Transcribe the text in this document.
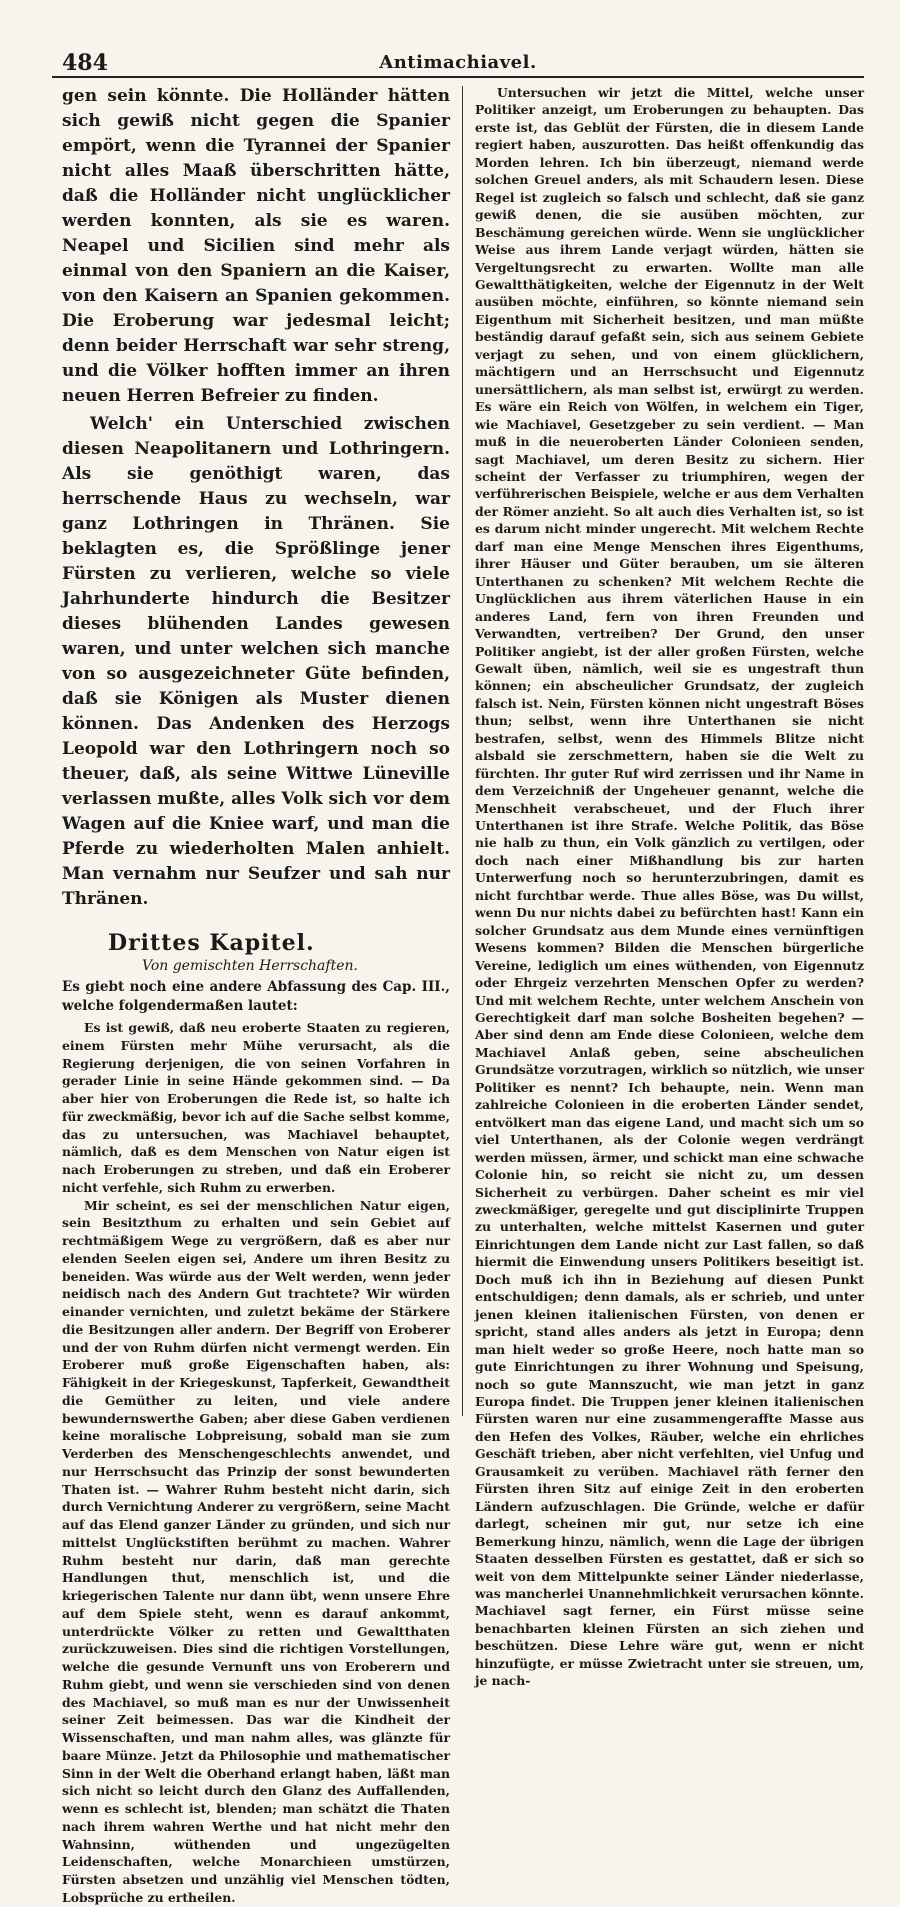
484	Antimachiavel.

gen sein könnte. Die Holländer hätten sich gewiß nicht gegen die Spanier empört, wenn die Tyrannei der Spanier nicht alles Maaß überschritten hätte, daß die Holländer nicht unglücklicher werden konnten, als sie es waren. Neapel und Sicilien sind mehr als einmal von den Spaniern an die Kaiser, von den Kaisern an Spanien gekommen. Die Eroberung war jedesmal leicht; denn beider Herrschaft war sehr streng, und die Völker hofften immer an ihren neuen Herren Befreier zu finden.

Welch' ein Unterschied zwischen diesen Neapolitanern und Lothringern. Als sie genöthigt waren, das herrschende Haus zu wechseln, war ganz Lothringen in Thränen. Sie beklagten es, die Sprößlinge jener Fürsten zu verlieren, welche so viele Jahrhunderte hindurch die Besitzer dieses blühenden Landes gewesen waren, und unter welchen sich manche von so ausgezeichneter Güte befinden, daß sie Königen als Muster dienen können. Das Andenken des Herzogs Leopold war den Lothringern noch so theuer, daß, als seine Wittwe Lüneville verlassen mußte, alles Volk sich vor dem Wagen auf die Kniee warf, und man die Pferde zu wiederholten Malen anhielt. Man vernahm nur Seufzer und sah nur Thränen.

Drittes Kapitel.
Von gemischten Herrschaften.
Es giebt noch eine andere Abfassung des Cap. III., welche folgendermaßen lautet:

Es ist gewiß, daß neu eroberte Staaten zu regieren, einem Fürsten mehr Mühe verursacht, als die Regierung derjenigen, die von seinen Vorfahren in gerader Linie in seine Hände gekommen sind. — Da aber hier von Eroberungen die Rede ist, so halte ich für zweckmäßig, bevor ich auf die Sache selbst komme, das zu untersuchen, was Machiavel behauptet, nämlich, daß es dem Menschen von Natur eigen ist nach Eroberungen zu streben, und daß ein Eroberer nicht verfehle, sich Ruhm zu erwerben.

Mir scheint, es sei der menschlichen Natur eigen, sein Besitzthum zu erhalten und sein Gebiet auf rechtmäßigem Wege zu vergrößern, daß es aber nur elenden Seelen eigen sei, Andere um ihren Besitz zu beneiden. Was würde aus der Welt werden, wenn jeder neidisch nach des Andern Gut trachtete? Wir würden einander vernichten, und zuletzt bekäme der Stärkere die Besitzungen aller andern. Der Begriff von Eroberer und der von Ruhm dürfen nicht vermengt werden. Ein Eroberer muß große Eigenschaften haben, als: Fähigkeit in der Kriegeskunst, Tapferkeit, Gewandtheit die Gemüther zu leiten, und viele andere bewundernswerthe Gaben; aber diese Gaben verdienen keine moralische Lobpreisung, sobald man sie zum Verderben des Menschengeschlechts anwendet, und nur Herrschsucht das Prinzip der sonst bewunderten Thaten ist. — Wahrer Ruhm besteht nicht darin, sich durch Vernichtung Anderer zu vergrößern, seine Macht auf das Elend ganzer Länder zu gründen, und sich nur mittelst Unglückstiften berühmt zu machen. Wahrer Ruhm besteht nur darin, daß man gerechte Handlungen thut, menschlich ist, und die kriegerischen Talente nur dann übt, wenn unsere Ehre auf dem Spiele steht, wenn es darauf ankommt, unterdrückte Völker zu retten und Gewaltthaten zurückzuweisen. Dies sind die richtigen Vorstellungen, welche die gesunde Vernunft uns von Eroberern und Ruhm giebt, und wenn sie verschieden sind von denen des Machiavel, so muß man es nur der Unwissenheit seiner Zeit beimessen. Das war die Kindheit der Wissenschaften, und man nahm alles, was glänzte für baare Münze. Jetzt da Philosophie und mathematischer Sinn in der Welt die Oberhand erlangt haben, läßt man sich nicht so leicht durch den Glanz des Auffallenden, wenn es schlecht ist, blenden; man schätzt die Thaten nach ihrem wahren Werthe und hat nicht mehr den Wahnsinn, wüthenden und ungezügelten Leidenschaften, welche Monarchieen umstürzen, Fürsten absetzen und unzählig viel Menschen tödten, Lobsprüche zu ertheilen.

Untersuchen wir jetzt die Mittel, welche unser Politiker anzeigt, um Eroberungen zu behaupten. Das erste ist, das Geblüt der Fürsten, die in diesem Lande regiert haben, auszurotten. Das heißt offenkundig das Morden lehren. Ich bin überzeugt, niemand werde solchen Greuel anders, als mit Schaudern lesen. Diese Regel ist zugleich so falsch und schlecht, daß sie ganz gewiß denen, die sie ausüben möchten, zur Beschämung gereichen würde. Wenn sie unglücklicher Weise aus ihrem Lande verjagt würden, hätten sie Vergeltungsrecht zu erwarten. Wollte man alle Gewaltthätigkeiten, welche der Eigennutz in der Welt ausüben möchte, einführen, so könnte niemand sein Eigenthum mit Sicherheit besitzen, und man müßte beständig darauf gefaßt sein, sich aus seinem Gebiete verjagt zu sehen, und von einem glücklichern, mächtigern und an Herrschsucht und Eigennutz unersättlichern, als man selbst ist, erwürgt zu werden. Es wäre ein Reich von Wölfen, in welchem ein Tiger, wie Machiavel, Gesetzgeber zu sein verdient. — Man muß in die neueroberten Länder Colonieen senden, sagt Machiavel, um deren Besitz zu sichern. Hier scheint der Verfasser zu triumphiren, wegen der verführerischen Beispiele, welche er aus dem Verhalten der Römer anzieht. So alt auch dies Verhalten ist, so ist es darum nicht minder ungerecht. Mit welchem Rechte darf man eine Menge Menschen ihres Eigenthums, ihrer Häuser und Güter berauben, um sie älteren Unterthanen zu schenken? Mit welchem Rechte die Unglücklichen aus ihrem väterlichen Hause in ein anderes Land, fern von ihren Freunden und Verwandten, vertreiben? Der Grund, den unser Politiker angiebt, ist der aller großen Fürsten, welche Gewalt üben, nämlich, weil sie es ungestraft thun können; ein abscheulicher Grundsatz, der zugleich falsch ist. Nein, Fürsten können nicht ungestraft Böses thun; selbst, wenn ihre Unterthanen sie nicht bestrafen, selbst, wenn des Himmels Blitze nicht alsbald sie zerschmettern, haben sie die Welt zu fürchten. Ihr guter Ruf wird zerrissen und ihr Name in dem Verzeichniß der Ungeheuer genannt, welche die Menschheit verabscheuet, und der Fluch ihrer Unterthanen ist ihre Strafe. Welche Politik, das Böse nie halb zu thun, ein Volk gänzlich zu vertilgen, oder doch nach einer Mißhandlung bis zur harten Unterwerfung noch so herunterzubringen, damit es nicht furchtbar werde. Thue alles Böse, was Du willst, wenn Du nur nichts dabei zu befürchten hast! Kann ein solcher Grundsatz aus dem Munde eines vernünftigen Wesens kommen? Bilden die Menschen bürgerliche Vereine, lediglich um eines wüthenden, von Eigennutz oder Ehrgeiz verzehrten Menschen Opfer zu werden? Und mit welchem Rechte, unter welchem Anschein von Gerechtigkeit darf man solche Bosheiten begehen? — Aber sind denn am Ende diese Colonieen, welche dem Machiavel Anlaß geben, seine abscheulichen Grundsätze vorzutragen, wirklich so nützlich, wie unser Politiker es nennt? Ich behaupte, nein. Wenn man zahlreiche Colonieen in die eroberten Länder sendet, entvölkert man das eigene Land, und macht sich um so viel Unterthanen, als der Colonie wegen verdrängt werden müssen, ärmer, und schickt man eine schwache Colonie hin, so reicht sie nicht zu, um dessen Sicherheit zu verbürgen. Daher scheint es mir viel zweckmäßiger, geregelte und gut disciplinirte Truppen zu unterhalten, welche mittelst Kasernen und guter Einrichtungen dem Lande nicht zur Last fallen, so daß hiermit die Einwendung unsers Politikers beseitigt ist. Doch muß ich ihn in Beziehung auf diesen Punkt entschuldigen; denn damals, als er schrieb, und unter jenen kleinen italienischen Fürsten, von denen er spricht, stand alles anders als jetzt in Europa; denn man hielt weder so große Heere, noch hatte man so gute Einrichtungen zu ihrer Wohnung und Speisung, noch so gute Mannszucht, wie man jetzt in ganz Europa findet. Die Truppen jener kleinen italienischen Fürsten waren nur eine zusammengeraffte Masse aus den Hefen des Volkes, Räuber, welche ein ehrliches Geschäft trieben, aber nicht verfehlten, viel Unfug und Grausamkeit zu verüben. Machiavel räth ferner den Fürsten ihren Sitz auf einige Zeit in den eroberten Ländern aufzuschlagen. Die Gründe, welche er dafür darlegt, scheinen mir gut, nur setze ich eine Bemerkung hinzu, nämlich, wenn die Lage der übrigen Staaten desselben Fürsten es gestattet, daß er sich so weit von dem Mittelpunkte seiner Länder niederlasse, was mancherlei Unannehmlichkeit verursachen könnte. Machiavel sagt ferner, ein Fürst müsse seine benachbarten kleinen Fürsten an sich ziehen und beschützen. Diese Lehre wäre gut, wenn er nicht hinzufügte, er müsse Zwietracht unter sie streuen, um, je nach-
